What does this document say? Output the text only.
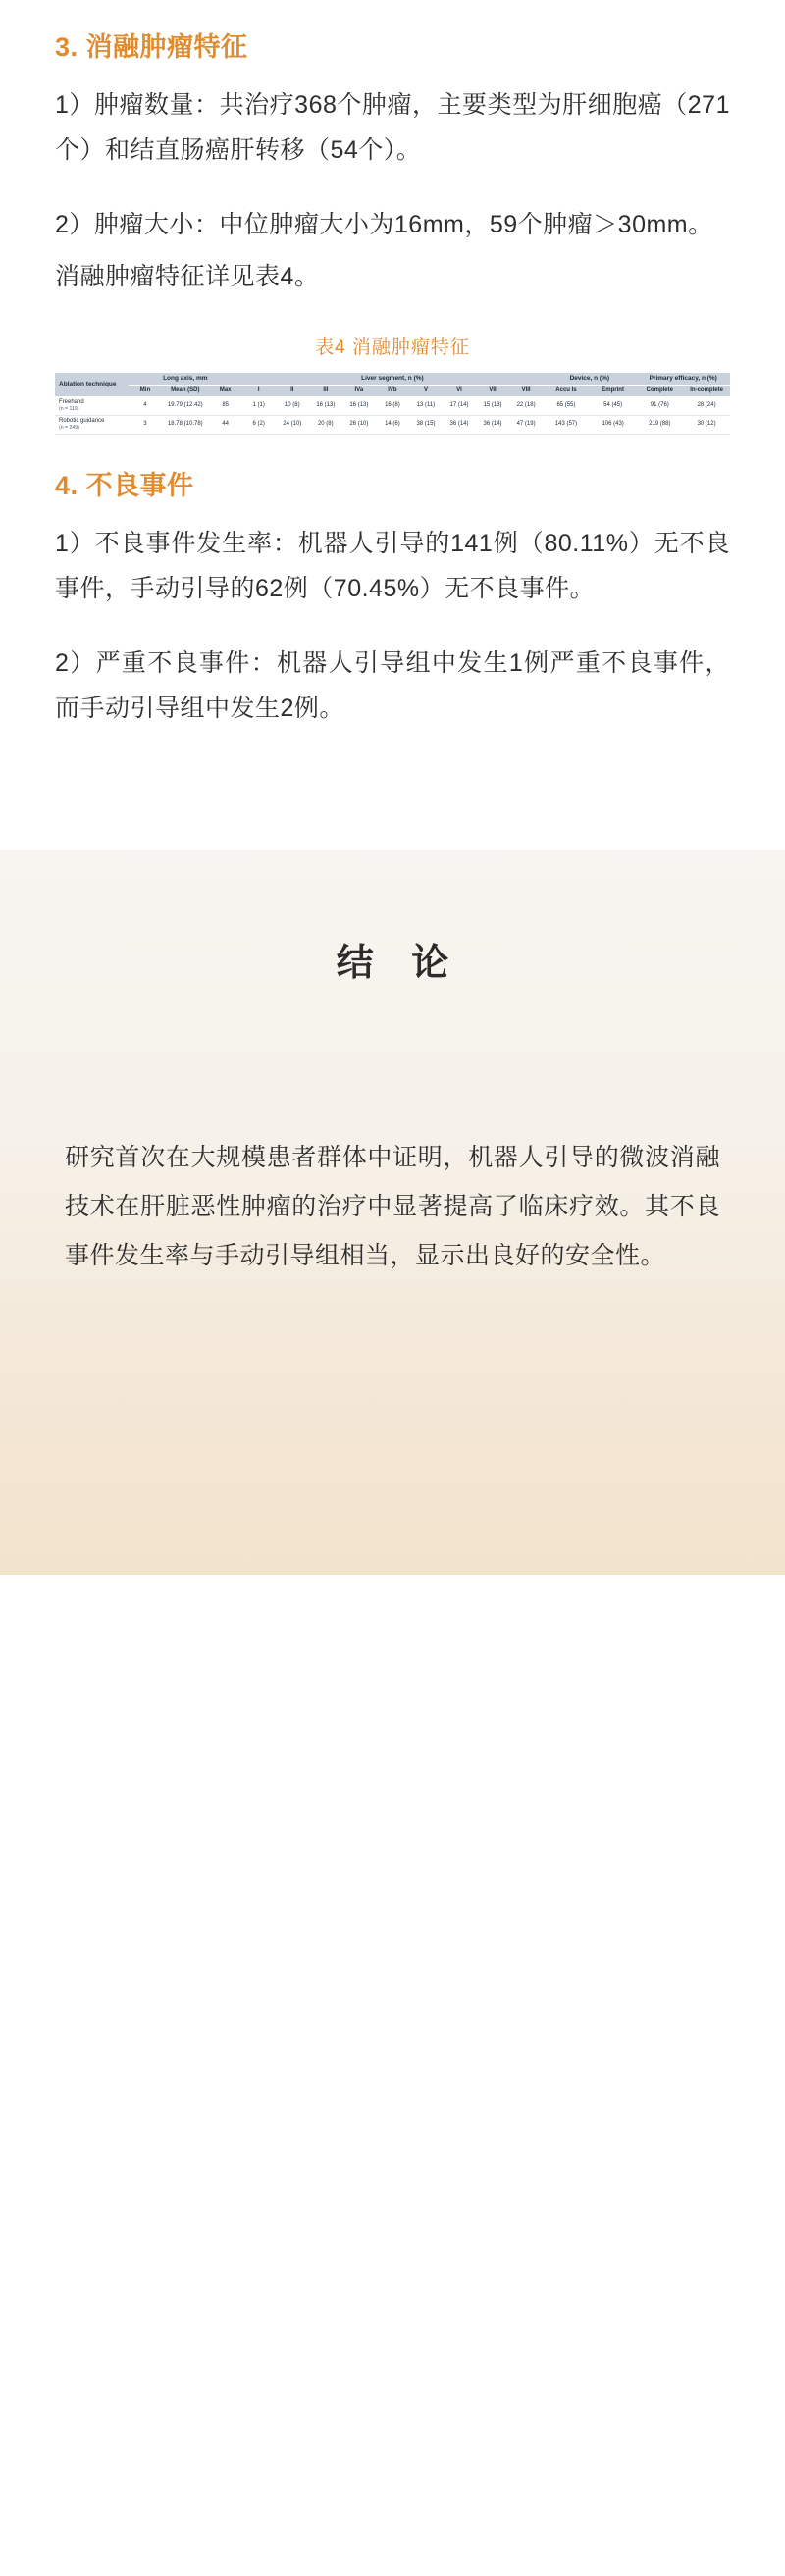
3. 消融肿瘤特征

1）肿瘤数量：共治疗368个肿瘤，主要类型为肝细胞癌（271个）和结直肠癌肝转移（54个）。

2）肿瘤大小：中位肿瘤大小为16mm，59个肿瘤＞30mm。

消融肿瘤特征详见表4。

表4 消融肿瘤特征
Ablation technique	Long axis, mm			Liver segment, n (%)									Device, n (%)		Primary efficacy, n (%)	
	Min	Mean (SD)	Max	I	II	III	IVa	IVb	V	VI	VII	VIII	Accu Is	Emprint	Complete	In-complete
Freehand
(n = 119)	4	19.79 (12.42)	85	1 (1)	10 (8)	16 (13)	16 (13)	16 (8)	13 (11)	17 (14)	15 (13)	22 (18)	65 (55)	54 (45)	91 (76)	28 (24)
Robotic guidance
(n = 249)	3	18.78 (10.78)	44	6 (2)	24 (10)	20 (8)	26 (10)	14 (6)	38 (15)	36 (14)	36 (14)	47 (19)	143 (57)	106 (43)	219 (88)	30 (12)
4. 不良事件

1）不良事件发生率：机器人引导的141例（80.11%）无不良事件，手动引导的62例（70.45%）无不良事件。

2）严重不良事件：机器人引导组中发生1例严重不良事件，而手动引导组中发生2例。

结 论

研究首次在大规模患者群体中证明，机器人引导的微波消融技术在肝脏恶性肿瘤的治疗中显著提高了临床疗效。其不良事件发生率与手动引导组相当，显示出良好的安全性。
